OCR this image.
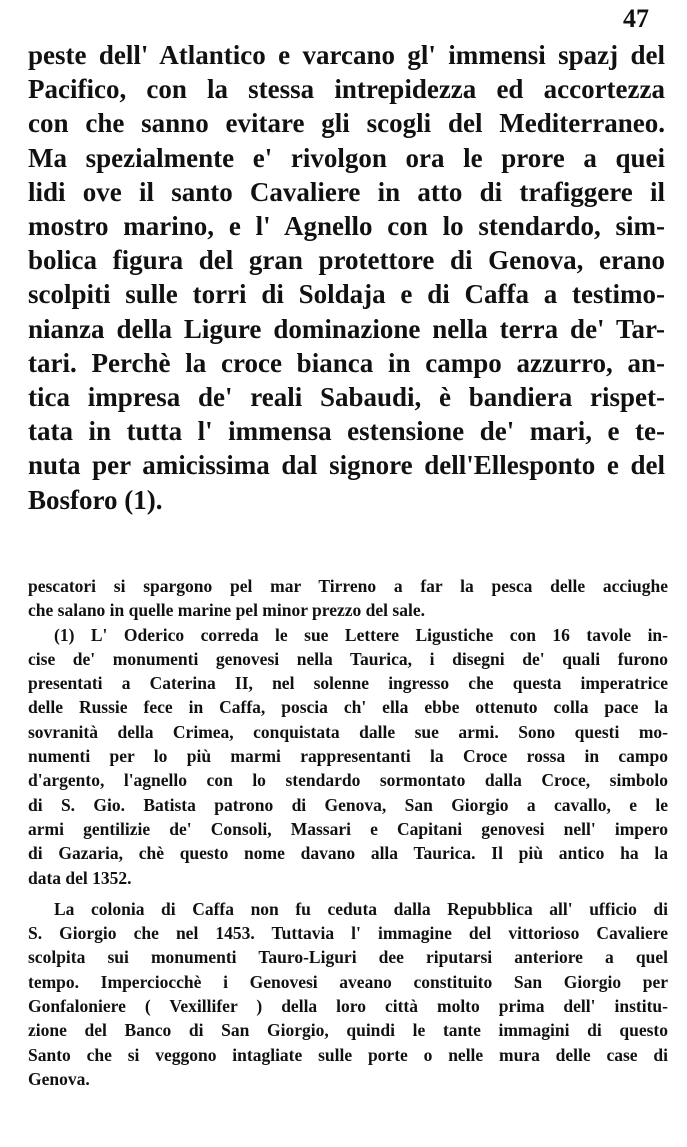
47
peste dell' Atlantico e varcano gl' immensi spazj del
Pacifico, con la stessa intrepidezza ed accortezza
con che sanno evitare gli scogli del Mediterraneo.
Ma spezialmente e' rivolgon ora le prore a quei
lidi ove il santo Cavaliere in atto di trafiggere il
mostro marino, e l' Agnello con lo stendardo, sim-
bolica figura del gran protettore di Genova, erano
scolpiti sulle torri di Soldaja e di Caffa a testimo-
nianza della Ligure dominazione nella terra de' Tar-
tari. Perchè la croce bianca in campo azzurro, an-
tica impresa de' reali Sabaudi, è bandiera rispet-
tata in tutta l' immensa estensione de' mari, e te-
nuta per amicissima dal signore dell'Ellesponto e del
Bosforo (1).
pescatori si spargono pel mar Tirreno a far la pesca delle acciughe
che salano in quelle marine pel minor prezzo del sale.
(1) L' Oderico correda le sue Lettere Ligustiche con 16 tavole in-
cise de' monumenti genovesi nella Taurica, i disegni de' quali furono
presentati a Caterina II, nel solenne ingresso che questa imperatrice
delle Russie fece in Caffa, poscia ch' ella ebbe ottenuto colla pace la
sovranità della Crimea, conquistata dalle sue armi. Sono questi mo-
numenti per lo più marmi rappresentanti la Croce rossa in campo
d'argento, l'agnello con lo stendardo sormontato dalla Croce, simbolo
di S. Gio. Batista patrono di Genova, San Giorgio a cavallo, e le
armi gentilizie de' Consoli, Massari e Capitani genovesi nell' impero
di Gazaria, chè questo nome davano alla Taurica. Il più antico ha la
data del 1352.
La colonia di Caffa non fu ceduta dalla Repubblica all' ufficio di
S. Giorgio che nel 1453. Tuttavia l' immagine del vittorioso Cavaliere
scolpita sui monumenti Tauro-Liguri dee riputarsi anteriore a quel
tempo. Imperciocchè i Genovesi aveano constituito San Giorgio per
Gonfaloniere ( Vexillifer ) della loro città molto prima dell' institu-
zione del Banco di San Giorgio, quindi le tante immagini di questo
Santo che si veggono intagliate sulle porte o nelle mura delle case di
Genova.
